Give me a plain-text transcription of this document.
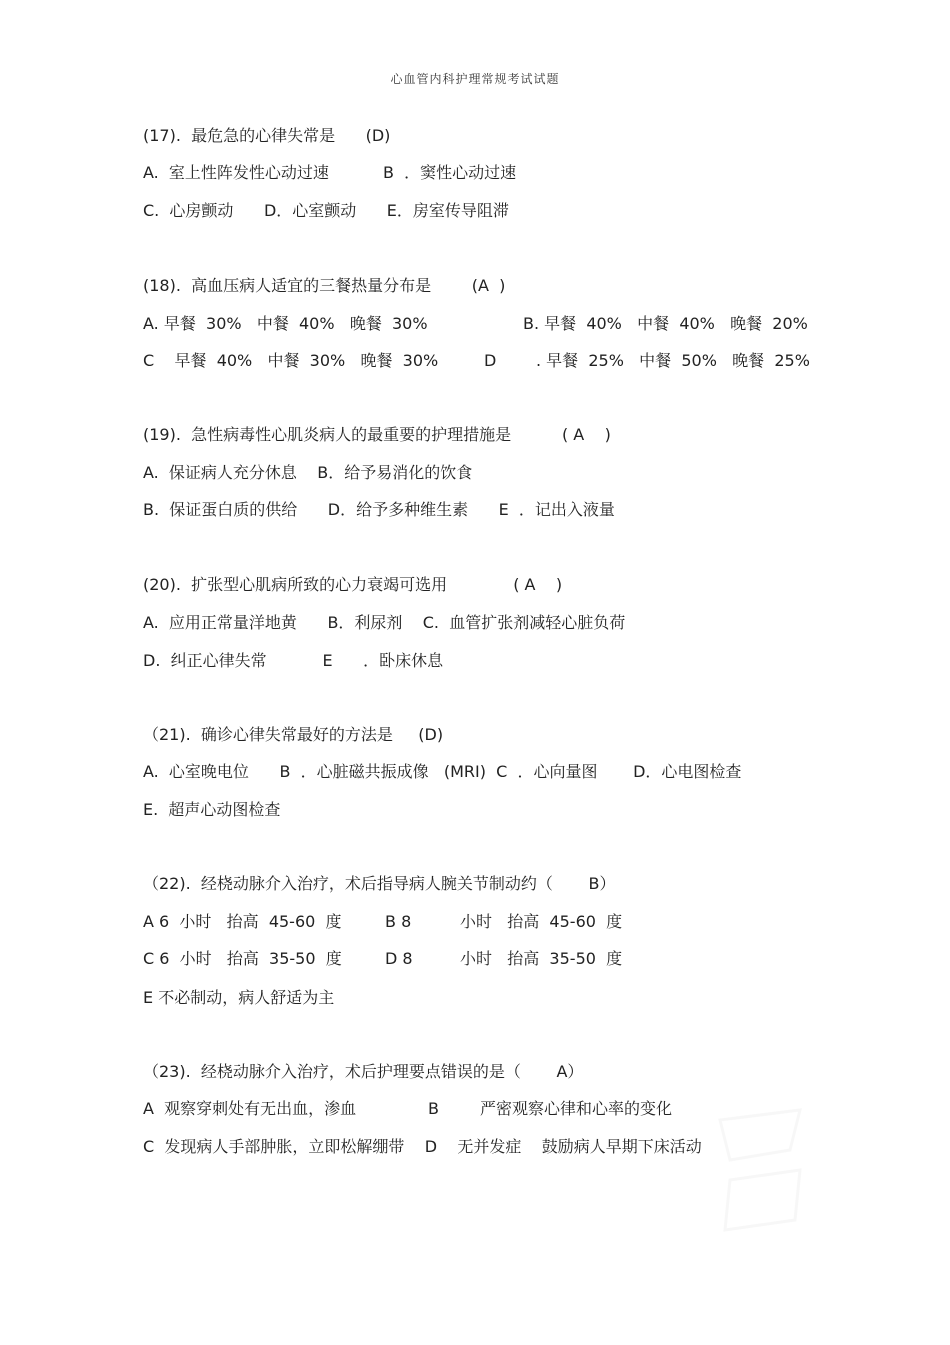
心血管内科护理常规考试试题
(17).  最危急的心律失常是      (D)
A.  室上性阵发性心动过速	B  ．窦性心动过速
C.  心房颤动      D．心室颤动      E．房室传导阻滞
(18).  高血压病人适宜的三餐热量分布是        (A  )
A. 早餐  30%   中餐  40%   晚餐  30%	B. 早餐  40%   中餐  40%   晚餐  20%
C    早餐  40%   中餐  30%   晚餐  30%	D . 早餐  25%   中餐  50%   晚餐  25%
(19).  急性病毒性心肌炎病人的最重要的护理措施是          ( A    )
A.  保证病人充分休息    B．给予易消化的饮食
B.  保证蛋白质的供给      D．给予多种维生素      E  ．记出入液量
(20).  扩张型心肌病所致的心力衰竭可选用             ( A    )
A.  应用正常量洋地黄      B．利尿剂    C.  血管扩张剂减轻心脏负荷
D.  纠正心律失常           E      ．卧床休息
（21).  确诊心律失常最好的方法是     (D)
A.  心室晚电位      B  ．心脏磁共振成像   (MRI)  C  ．心向量图       D．心电图检查
E.  超声心动图检查
（22).  经桡动脉介入治疗，术后指导病人腕关节制动约（       B）
A 6  小时   抬高  45-60  度	B 8	小时   抬高  45-60  度
C 6  小时   抬高  35-50  度	D 8	小时   抬高  35-50  度
E 不必制动，病人舒适为主
（23).  经桡动脉介入治疗，术后护理要点错误的是（       A）
A  观察穿刺处有无出血，渗血	B	严密观察心律和心率的变化
C  发现病人手部肿胀，立即松解绷带    D    无并发症    鼓励病人早期下床活动
